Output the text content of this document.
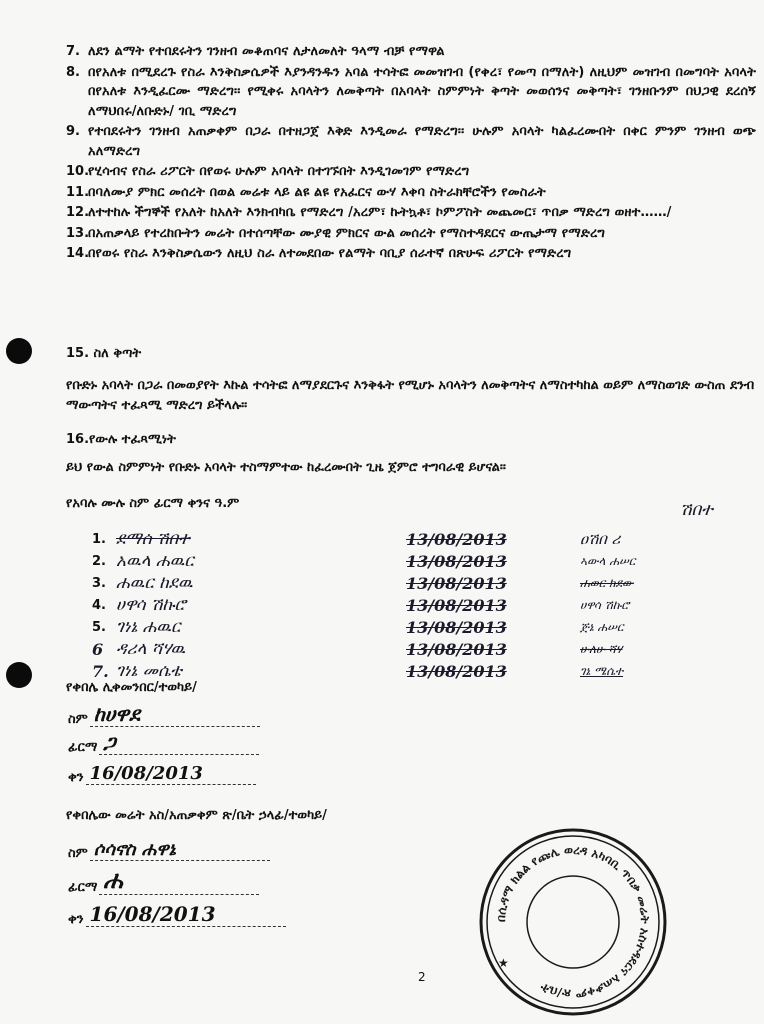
7. ለደን ልማት የተበደሩትን ገንዘብ መቆጠባና ለታለመለት ዓላማ ብቻ የማዋል
8. በየአለቱ በሚደረጉ የስራ እንቅስቃሴዎች እያንዳንዱን አባል ተሳትፎ መመዝገብ (የቀረ፣ የመጣ በማለት) ለዚህም መዝገብ በመግባት አባላት በየአለቱ እንዲፈርሙ ማድረግ፡፡ የሚቀሩ አባላትን ለመቅጣት በአባላት ስምምነት ቅጣት መወሰንና መቅጣት፣ ገንዘቡንም በህጋዊ ደረሰኝ ለማህበሩ/ለቡድኑ/ ገቢ ማድረግ
9. የተበደሩትን ገንዘብ አጠቃቀም በጋራ በተዘጋጀ እቅድ እንዲመራ የማድረግ፡፡ ሁሉም አባላት ካልፈረሙበት በቀር ምንም ገንዘብ ወጭ አለማድረግ
10.
የሂሳብና የስራ ሪፖርት በየወሩ ሁሉም አባላት በተገኙበት እንዲገመገም የማድረግ
11.
በባለሙያ ምክር መሰረት በወል መሬቱ ላይ ልዩ ልዩ የአፈርና ውሃ እቀባ ስትራክቸሮችን የመስራት
12.
ለተተከሉ ችግኞች የአለት ከአለት እንክብካቤ የማድረግ /አረም፣ ኩትኳቶ፣ ኮምፖስት መጨመር፣ ጥበቃ ማድረግ ወዘተ……/
13.
በአጠቃላይ የተረከቡትን መሬት በተሰጣቸው ሙያዊ ምክርና ውል መሰረት የማስተዳደርና ውጤታማ የማድረግ
14.
በየወሩ የስራ እንቅስቃሴውን ለዚህ ስራ ለተመደበው የልማት ባቢያ ሰራተኛ በጽሁፍ ሪፖርት የማድረግ
15. ስለ ቅጣት
የቡድኑ አባላት በጋራ በመወያየት እኩል ተሳትፎ ለማያደርጉና እንቅፋት የሚሆኑ አባላትን ለመቅጣትና ለማስተካከል ወይም ለማስወገድ ውስጠ ደንብ ማውጣትና ተፈጻሚ ማድረግ ይችላሉ፡፡
16.የውሉ ተፈጻሚነት
ይህ የውል ስምምነት የቡድኑ አባላት ተስማምተው ከፈረሙበት ጊዜ ጀምሮ ተግባራዊ ይሆናል፡፡
የአባሉ ሙሉ ስም ፊርማ ቀንና ዓ.ም	ሽበተ
1. ደማሰ ሽበተ	13/08/2013	ዐሽበ ሪ
2. አዉላ ሐዉር	13/08/2013	ኣውላ ሐሠር
3. ሐዉር ከደዉ	13/08/2013	ሐወር ክደው
4. ሀዋሳ ሽኩሮ	13/08/2013	ሀዋሳ ሽኩሮ
5. ገነኔ ሐዉር	13/08/2013	ጅኔ ሐሠር
6 ዳሪላ ሻሃዉ	13/08/2013	ሁለሁ ሻሃ
7. ገነኔ መሴቴ	13/08/2013	ገኔ ሜሴተ
የቀበሌ ሊቀመንበር/ተወካይ/
ስም ከሀዋደ
ፊርማ ጋ
ቀን 16/08/2013
የቀበሌው መሬት አስ/አጠቃቀም ጽ/ቤት ኃላፊ/ተወካይ/
ስም ሶሳኖስ ሐዋኔ
ፊርማ ሐ
ቀን 16/08/2013	በሲዳማ ክልል የጩሌ ወረዳ አካባቢ ጥበቃ መሬት አስተዳደርና አጠቃቀም ጽ/ቤት
★
2
